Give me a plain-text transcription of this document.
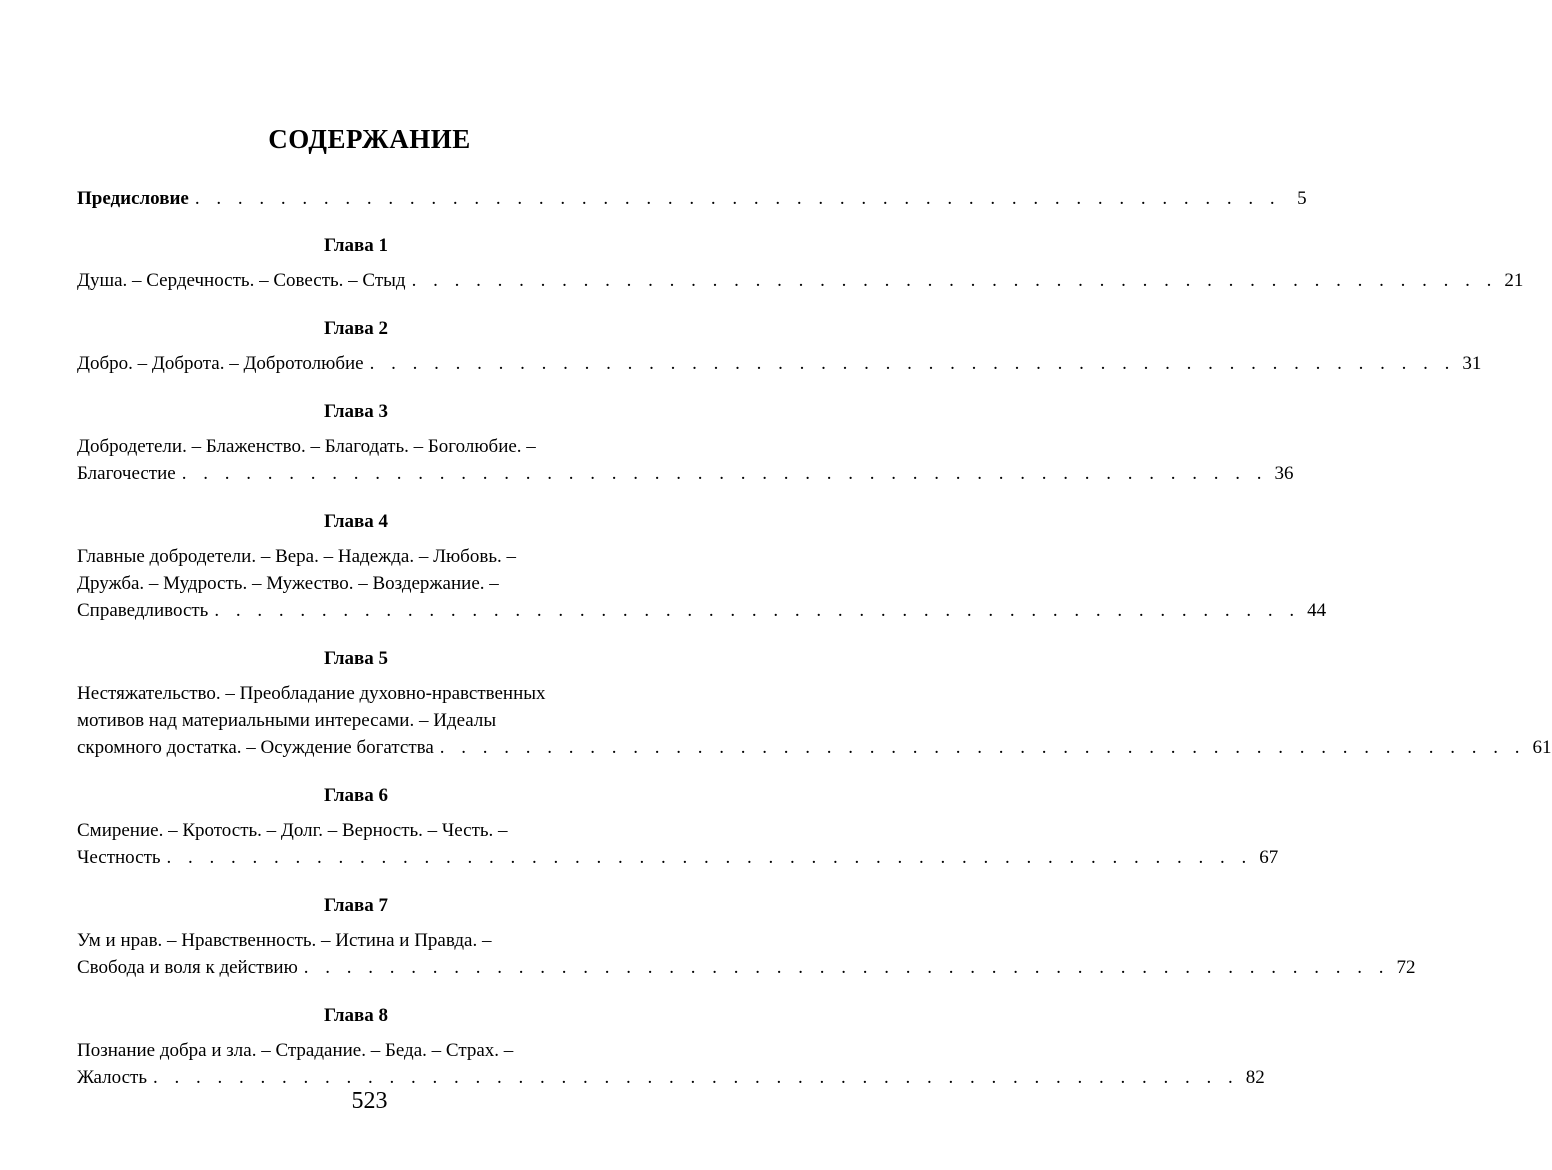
СОДЕРЖАНИЕ
Предисловие . . . . . . . . . . . . . . . . . . . . . . . . . . . . . . . . . . . . . . . . . . . . . . . . . . . 5
Глава 1
Душа. – Сердечность. – Совесть. – Стыд . . . . . . . . . . . . . . . . . . . . . . . . . . . . . . . . . . . . . . . . . . . . . . . . . . . 21
Глава 2
Добро. – Доброта. – Добротолюбие . . . . . . . . . . . . . . . . . . . . . . . . . . . . . . . . . . . . . . . . . . . . . . . . . . . 31
Глава 3
Добродетели. – Блаженство. – Благодать. – Боголюбие. –
Благочестие . . . . . . . . . . . . . . . . . . . . . . . . . . . . . . . . . . . . . . . . . . . . . . . . . . . 36
Глава 4
Главные добродетели. – Вера. – Надежда. – Любовь. –
Дружба. – Мудрость. – Мужество. – Воздержание. –
Справедливость . . . . . . . . . . . . . . . . . . . . . . . . . . . . . . . . . . . . . . . . . . . . . . . . . . . 44
Глава 5
Нестяжательство. – Преобладание духовно-нравственных
мотивов над материальными интересами. – Идеалы
скромного достатка. – Осуждение богатства . . . . . . . . . . . . . . . . . . . . . . . . . . . . . . . . . . . . . . . . . . . . . . . . . . . 61
Глава 6
Смирение. – Кротость. – Долг. – Верность. – Честь. –
Честность . . . . . . . . . . . . . . . . . . . . . . . . . . . . . . . . . . . . . . . . . . . . . . . . . . . 67
Глава 7
Ум и нрав. – Нравственность. – Истина и Правда. –
Свобода и воля к действию . . . . . . . . . . . . . . . . . . . . . . . . . . . . . . . . . . . . . . . . . . . . . . . . . . . 72
Глава 8
Познание добра и зла. – Страдание. – Беда. – Страх. –
Жалость . . . . . . . . . . . . . . . . . . . . . . . . . . . . . . . . . . . . . . . . . . . . . . . . . . . 82
523
